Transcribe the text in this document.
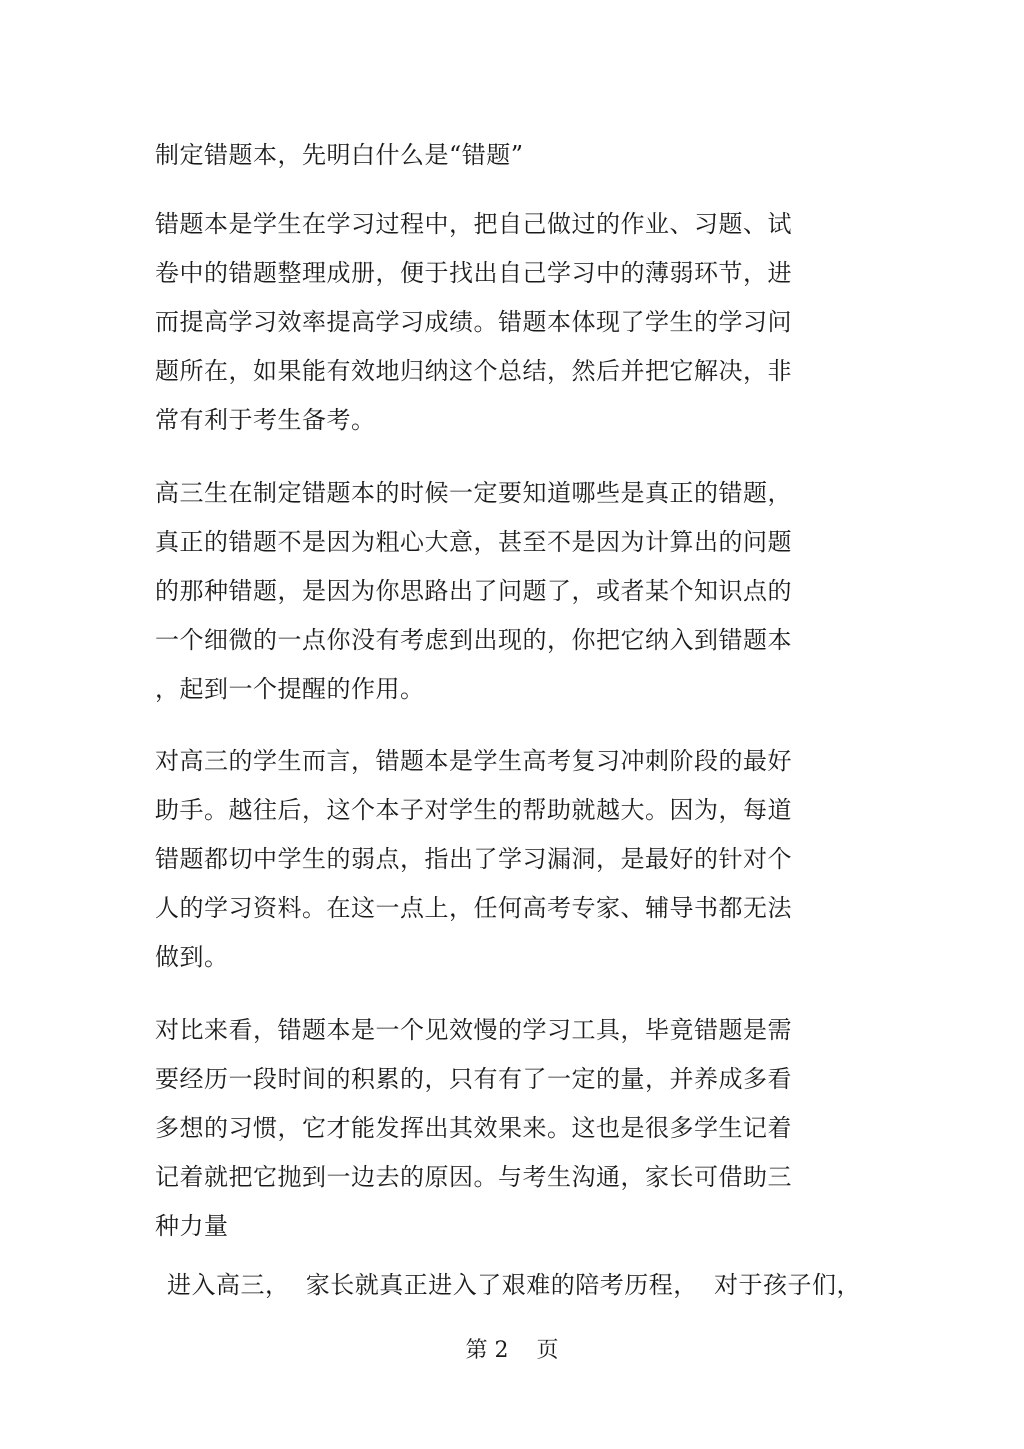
制定错题本，先明白什么是“错题”
错题本是学生在学习过程中，把自己做过的作业、习题、试
卷中的错题整理成册，便于找出自己学习中的薄弱环节，进
而提高学习效率提高学习成绩。错题本体现了学生的学习问
题所在，如果能有效地归纳这个总结，然后并把它解决，非
常有利于考生备考。
高三生在制定错题本的时候一定要知道哪些是真正的错题，
真正的错题不是因为粗心大意，甚至不是因为计算出的问题
的那种错题，是因为你思路出了问题了，或者某个知识点的
一个细微的一点你没有考虑到出现的，你把它纳入到错题本
，起到一个提醒的作用。
对高三的学生而言，错题本是学生高考复习冲刺阶段的最好
助手。越往后，这个本子对学生的帮助就越大。因为，每道
错题都切中学生的弱点，指出了学习漏洞，是最好的针对个
人的学习资料。在这一点上，任何高考专家、辅导书都无法
做到。
对比来看，错题本是一个见效慢的学习工具，毕竟错题是需
要经历一段时间的积累的，只有有了一定的量，并养成多看
多想的习惯，它才能发挥出其效果来。这也是很多学生记着
记着就把它抛到一边去的原因。与考生沟通，家长可借助三
种力量
进入高三，  家长就真正进入了艰难的陪考历程，  对于孩子们，
第 2    页
